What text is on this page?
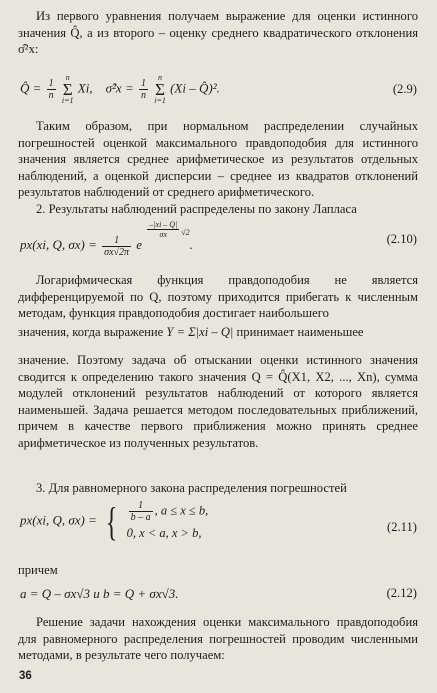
Из первого уравнения получаем выражение для оценки истинного значения Q̂, а из второго – оценку среднего квадратического отклонения σ̂²x:

Q̂ = $\frac{1}{n}$
n
Σ
i=1 Xi, σ̂²x = $\frac{1}{n}$
n
Σ
i=1 (Xi – Q̂)².	(2.9)

Таким образом, при нормальном распределении случайных погрешностей оценкой максимального правдоподобия для истинного значения является среднее арифметическое из результатов отдельных наблюдений, а оценкой дисперсии – среднее из квадратов отклонений результатов наблюдений от среднего арифметического.

2. Результаты наблюдений распределены по закону Лапласа

px(xi, Q, $\sigma x) = \frac{1}{\sigma x√2\pi}$ e
$\frac{-|xi - Q|}{\sigma x} ^{√2}$.	(2.10)

Логарифмическая функция правдоподобия не является дифференцируемой по Q, поэтому приходится прибегать к численным методам, функция правдоподобия достигает наибольшего

значения, когда выражение Y = Σ|xi – Q| принимает наименьшее

значение. Поэтому задача об отыскании оценки истинного значения сводится к определению такого значения Q = Q̂(X1, X2, ..., Xn), сумма модулей отклонений результатов наблюдений от которого является наименьшей. Задача решается методом последовательных приближений, причем в качестве первого приближения можно принять среднее арифметическое из полученных результатов.

3. Для равномерного закона распределения погрешностей

px(xi, Q, σx) = { $\frac{1}{b - a}$ , a ≤ x ≤ b,
0, x < a, x > b,	(2.11)

причем

a = Q – σx√3 и b = Q + σx√3.	(2.12)

Решение задачи нахождения оценки максимального правдоподобия для равномерного распределения погрешностей проводим численными методами, в результате чего получаем:

36
